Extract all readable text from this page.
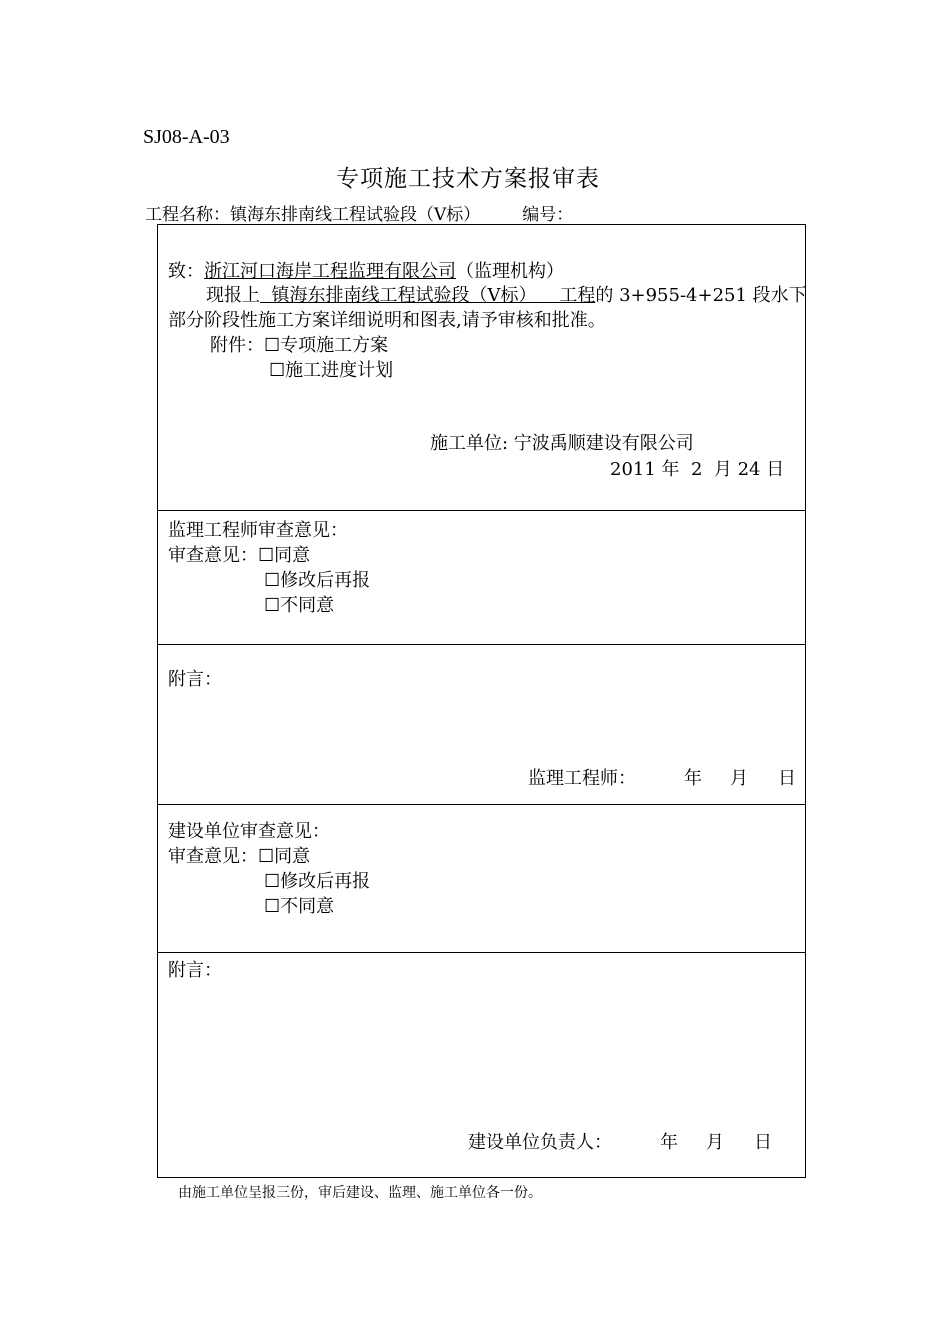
SJ08-A-03
专项施工技术方案报审表
工程名称：镇海东排南线工程试验段（Ⅴ标） 编号：
致：浙江河口海岸工程监理有限公司（监理机构）
现报上 镇海东排南线工程试验段（Ⅴ标） 工程的 3+955-4+251 段水下
部分阶段性施工方案详细说明和图表,请予审核和批准。
附件：☐专项施工方案
☐施工进度计划
施工单位: 宁波禹顺建设有限公司
2011 年  2  月 24 日
监理工程师审查意见：
审查意见：☐同意
☐修改后再报
☐不同意
附言：
监理工程师：	年 月 日
建设单位审查意见：
审查意见：☐同意
☐修改后再报
☐不同意
附言：
建设单位负责人：	年 月 日
由施工单位呈报三份，审后建设、监理、施工单位各一份。
